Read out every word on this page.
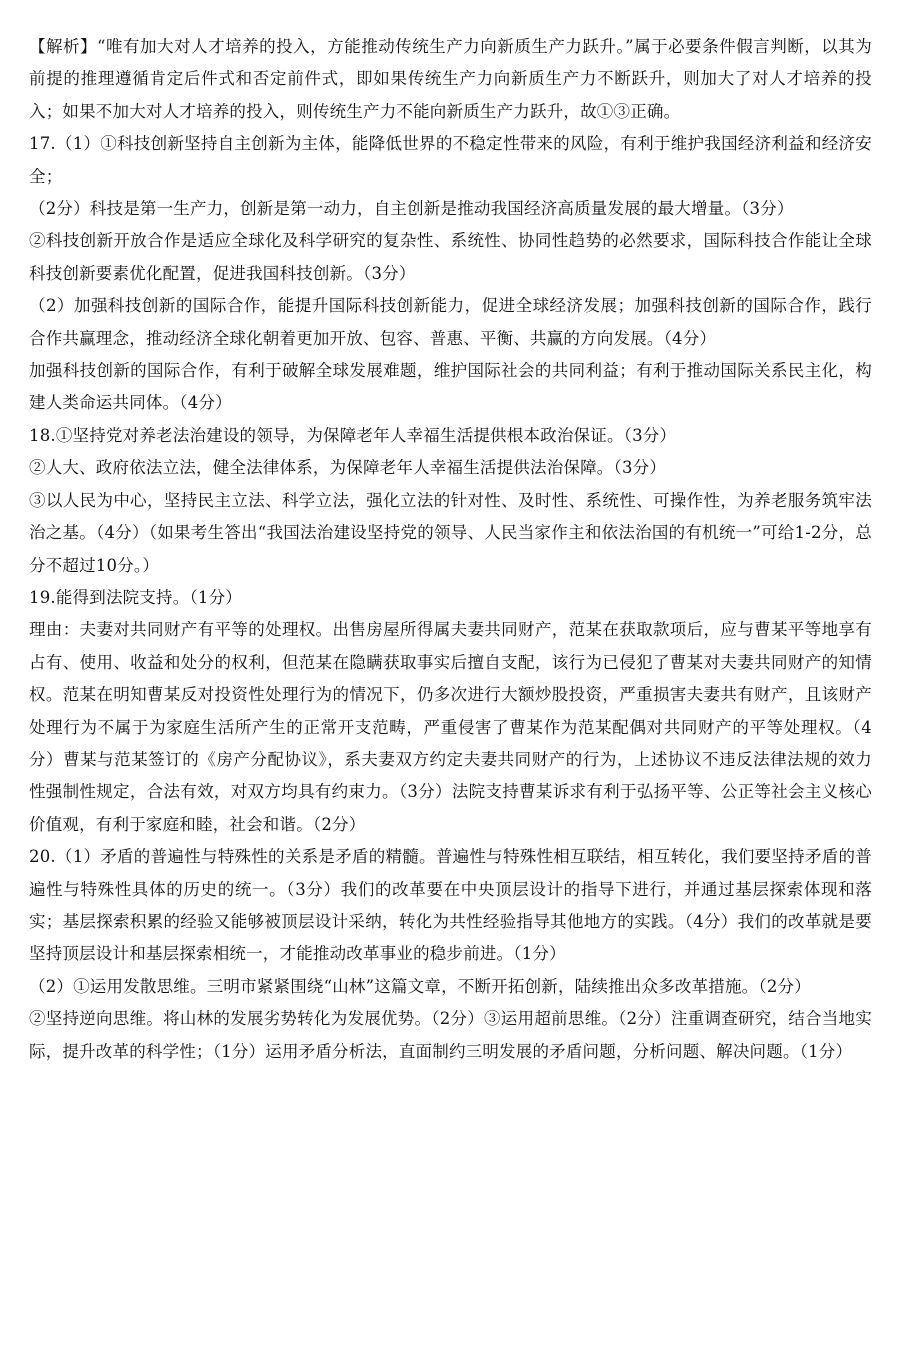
【解析】“唯有加大对人才培养的投入，方能推动传统生产力向新质生产力跃升。”属于必要条件假言判断，以其为前提的推理遵循肯定后件式和否定前件式，即如果传统生产力向新质生产力不断跃升，则加大了对人才培养的投入；如果不加大对人才培养的投入，则传统生产力不能向新质生产力跃升，故①③正确。

17.（1）①科技创新坚持自主创新为主体，能降低世界的不稳定性带来的风险，有利于维护我国经济利益和经济安全；

（2分）科技是第一生产力，创新是第一动力，自主创新是推动我国经济高质量发展的最大增量。（3分）

②科技创新开放合作是适应全球化及科学研究的复杂性、系统性、协同性趋势的必然要求，国际科技合作能让全球科技创新要素优化配置，促进我国科技创新。（3分）

（2）加强科技创新的国际合作，能提升国际科技创新能力，促进全球经济发展；加强科技创新的国际合作，践行合作共赢理念，推动经济全球化朝着更加开放、包容、普惠、平衡、共赢的方向发展。（4分）

加强科技创新的国际合作，有利于破解全球发展难题，维护国际社会的共同利益；有利于推动国际关系民主化，构建人类命运共同体。（4分）

18.①坚持党对养老法治建设的领导，为保障老年人幸福生活提供根本政治保证。（3分）

②人大、政府依法立法，健全法律体系，为保障老年人幸福生活提供法治保障。（3分）

③以人民为中心，坚持民主立法、科学立法，强化立法的针对性、及时性、系统性、可操作性，为养老服务筑牢法治之基。（4分）（如果考生答出“我国法治建设坚持党的领导、人民当家作主和依法治国的有机统一”可给1-2分，总分不超过10分。）

19.能得到法院支持。（1分）

理由：夫妻对共同财产有平等的处理权。出售房屋所得属夫妻共同财产，范某在获取款项后，应与曹某平等地享有占有、使用、收益和处分的权利，但范某在隐瞒获取事实后擅自支配，该行为已侵犯了曹某对夫妻共同财产的知情权。范某在明知曹某反对投资性处理行为的情况下，仍多次进行大额炒股投资，严重损害夫妻共有财产，且该财产处理行为不属于为家庭生活所产生的正常开支范畴，严重侵害了曹某作为范某配偶对共同财产的平等处理权。（4分）曹某与范某签订的《房产分配协议》，系夫妻双方约定夫妻共同财产的行为，上述协议不违反法律法规的效力性强制性规定，合法有效，对双方均具有约束力。（3分）法院支持曹某诉求有利于弘扬平等、公正等社会主义核心价值观，有利于家庭和睦，社会和谐。（2分）

20.（1）矛盾的普遍性与特殊性的关系是矛盾的精髓。普遍性与特殊性相互联结，相互转化，我们要坚持矛盾的普遍性与特殊性具体的历史的统一。（3分）我们的改革要在中央顶层设计的指导下进行，并通过基层探索体现和落实；基层探索积累的经验又能够被顶层设计采纳，转化为共性经验指导其他地方的实践。（4分）我们的改革就是要坚持顶层设计和基层探索相统一，才能推动改革事业的稳步前进。（1分）

（2）①运用发散思维。三明市紧紧围绕“山林”这篇文章，不断开拓创新，陆续推出众多改革措施。（2分）

②坚持逆向思维。将山林的发展劣势转化为发展优势。（2分）③运用超前思维。（2分）注重调查研究，结合当地实际，提升改革的科学性；（1分）运用矛盾分析法，直面制约三明发展的矛盾问题，分析问题、解决问题。（1分）
